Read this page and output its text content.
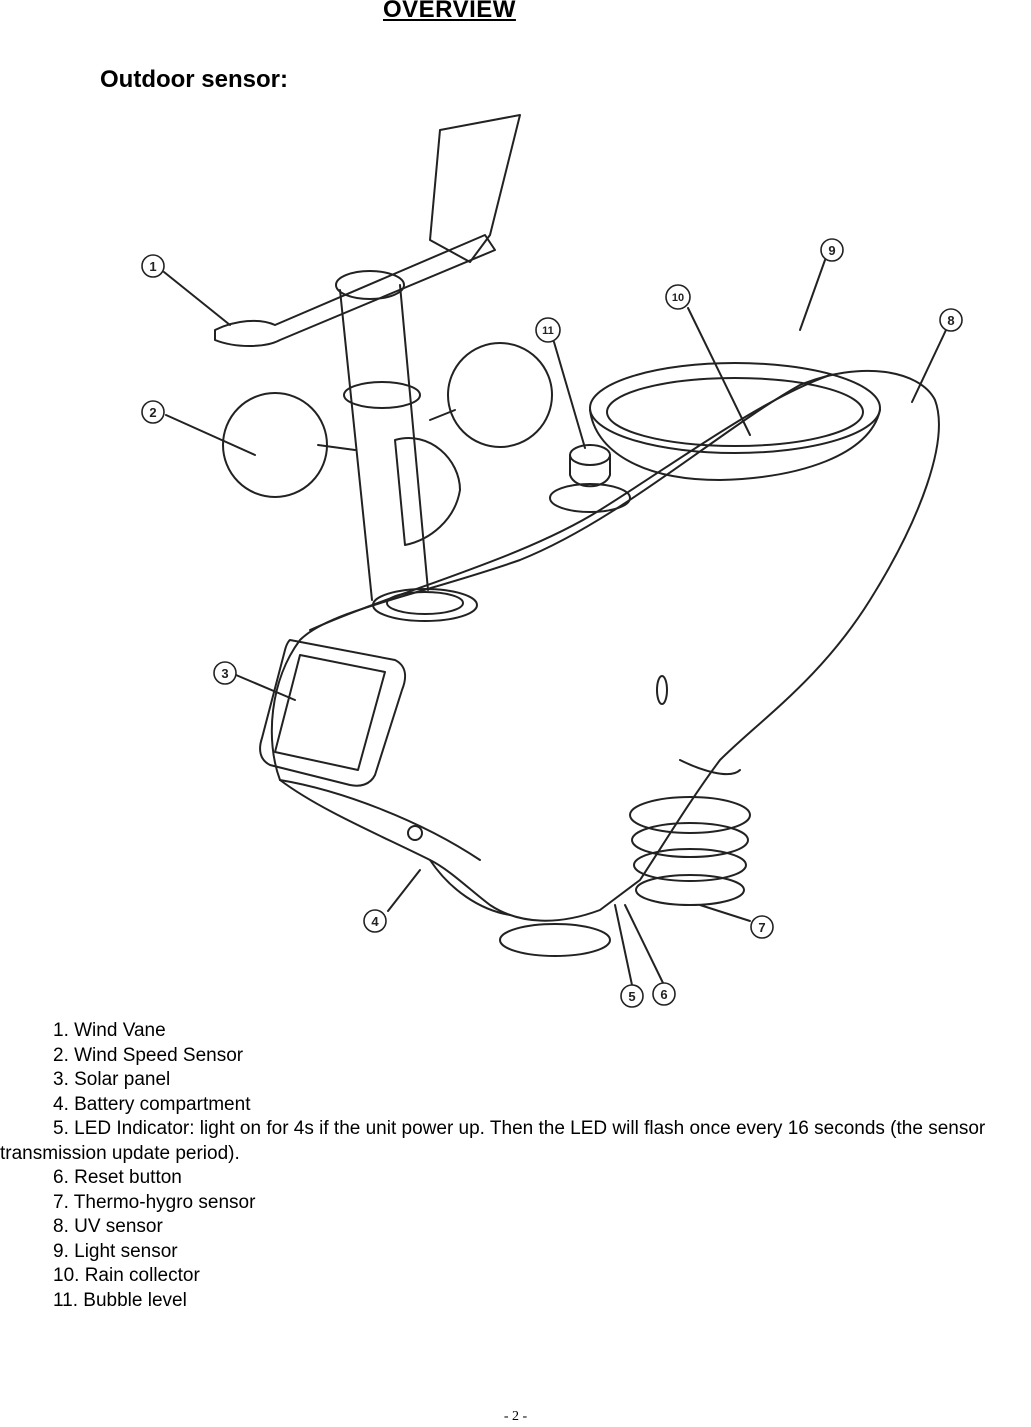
OVERVIEW
Outdoor sensor:
1
2
3
4
5 6
7
8
9
10
11
1. Wind Vane
2. Wind Speed Sensor
3. Solar panel
4. Battery compartment
5. LED Indicator: light on for 4s if the unit power up. Then the LED will flash once every 16 seconds (the sensor transmission update period).
6. Reset button
7. Thermo-hygro sensor
8. UV sensor
9. Light sensor
10. Rain collector
11. Bubble level
- 2 -
